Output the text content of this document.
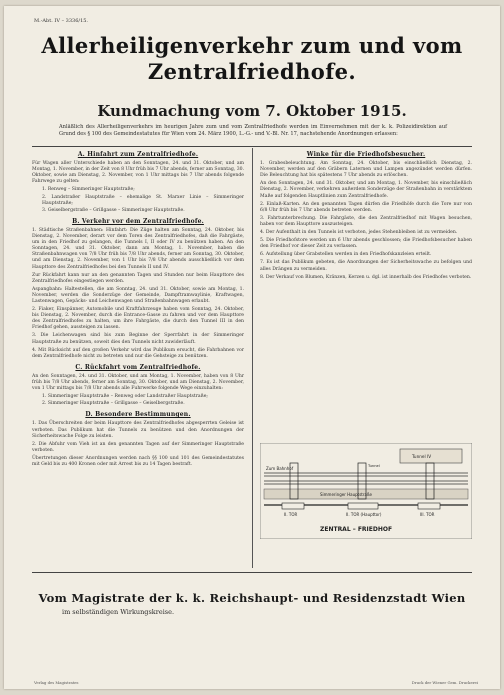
M.-Abt. IV – 3336/15.
Allerheiligenverkehr zum und vom
Zentralfriedhofe.
Kundmachung vom 7. Oktober 1915.
Anläßlich des Allerheiligenverkehrs im heurigen Jahre zum und vom Zentralfriedhofe werden im Einvernehmen mit der k. k. Polizeidirektion auf Grund des § 100 des Gemeindestatutes für Wien vom 24. März 1900, L.-G.- und V.-Bl. Nr. 17, nachstehende Anordnungen erlassen:
A. Hinfahrt zum Zentralfriedhofe.

Für Wagen aller Unterschiede haben an den Sonntagen, 24. und 31. Oktober, und am Montag, 1. November, in der Zeit von 8 Uhr früh bis 7 Uhr abends, ferner am Sonntag, 30. Oktober, sowie am Dienstag, 2. November, von 1 Uhr mittags bis 7 Uhr abends folgende Fahrwege zu gelten:

1. Renweg – Simmeringer Hauptstraße;

2. Landstraßer Hauptstraße – ehemalige St. Marxer Linie – Simmeringer Hauptstraße;

3. Geiselbergstraße – Grillgasse – Simmeringer Hauptstraße.

B. Verkehr vor dem Zentralfriedhofe.

1. Städtische Straßenbahnen: Hinfahrt: Die Züge halten am Sonntag, 24. Oktober, bis Dienstag, 2. November, derart vor dem Toren des Zentralfriedhofes, daß die Fahrgäste, um in den Friedhof zu gelangen, die Tunnels I, II oder IV zu benützen haben. An den Sonntagen, 24. und 31. Oktober, dann am Montag, 1. November, haben die Straßenbahnwagen von 7/8 Uhr früh bis 7/8 Uhr abends, ferner am Sonntag, 30. Oktober, und am Dienstag, 2. November, von 1 Uhr bis 7/8 Uhr abends ausschließlich vor dem Haupttore des Zentralfriedhofes bei den Tunnels II und IV.

Zur Rückfahrt kann nur an den genannten Tagen und Stunden nur beim Haupttore des Zentralfriedhofes eingestiegen werden.

Aspangbahn: Haltestellen, die am Sonntag, 24. und 31. Oktober, sowie am Montag, 1. November, werden die Sonderzüge der Gemeinde, Dampftramwaylinie, Kraftwagen, Lastenwagen, Gepäcks- und Leichenwagen und Straßenbahnwagen erlaubt.

2. Fiaker, Einspänner, Automobile und Kraftfahrzeuge haben vom Sonntag, 24. Oktober, bis Dienstag, 2. November, durch die Entrance-Gasse zu fahren und vor dem Haupttore des Zentralfriedhofes zu halten, um ihre Fahrgäste, die durch den Tunnel III in den Friedhof gehen, aussteigen zu lassen.

3. Die Leichenwagen sind bis zum Beginne der Sperrfahrt in der Simmeringer Hauptstraße zu benützen, soweit dies den Tunnels nicht zuwiderläuft.

4. Mit Rücksicht auf den großen Verkehr wird das Publikum ersucht, die Fahrbahnen vor dem Zentralfriedhofe nicht zu betreten und nur die Gehsteige zu benützen.

C. Rückfahrt vom Zentralfriedhofe.

An den Sonntagen, 24. und 31. Oktober, und am Montag, 1. November, haben von 8 Uhr früh bis 7/8 Uhr abends, ferner am Sonntag, 30. Oktober, und am Dienstag, 2. November, von 1 Uhr mittags bis 7/8 Uhr abends alle Fuhrwerke folgende Wege einzuhalten:

1. Simmeringer Hauptstraße – Renweg oder Landstraßer Hauptstraße;

2. Simmeringer Hauptstraße – Grillgasse – Geiselbergstraße.

D. Besondere Bestimmungen.

1. Das Überschreiten der beim Haupttore des Zentralfriedhofes abgesperrten Geleise ist verboten. Das Publikum hat die Tunnels zu benützen und den Anordnungen der Sicherheitswache Folge zu leisten.

2. Die Abfuhr vom Vieh ist an den genannten Tagen auf der Simmeringer Hauptstraße verboten.

Übertretungen dieser Anordnungen werden nach §§ 100 und 101 des Gemeindestatutes mit Geld bis zu 400 Kronen oder mit Arrest bis zu 14 Tagen bestraft.

Winke für die Friedhofsbesucher.

1. Grabesbeleuchtung. Am Sonntag, 24. Oktober, bis einschließlich Dienstag, 2. November, werden auf den Gräbern Laternen und Lampen angezündet werden dürfen. Die Beleuchtung hat bis spätestens 7 Uhr abends zu erlöschen.

An den Sonntagen, 24. und 31. Oktober, und am Montag, 1. November, bis einschließlich Dienstag, 2. November, verkehren außerdem Sonderzüge der Straßenbahn in verstärktem Maße auf folgenden Hauptlinien zum Zentralfriedhofe.

2. Einlaß-Karten. An den genannten Tagen dürfen die Friedhöfe durch die Tore nur von 6/8 Uhr früh bis 7 Uhr abends betreten werden.

3. Fahrtunterbrechung. Die Fahrgäste, die den Zentralfriedhof mit Wagen besuchen, haben vor dem Haupttore auszusteigen.

4. Der Aufenthalt in den Tunnels ist verboten, jedes Stehenbleiben ist zu vermeiden.

5. Die Friedhofstore werden um 6 Uhr abends geschlossen; die Friedhofsbesucher haben den Friedhof vor dieser Zeit zu verlassen.

6. Aufstellung über Grabstellen werden in den Friedhofskanzleien erteilt.

7. Es ist das Publikum gebeten, die Anordnungen der Sicherheitswache zu befolgen und alles Drängen zu vermeiden.

8. Der Verkauf von Blumen, Kränzen, Kerzen u. dgl. ist innerhalb des Friedhofes verboten.

Zum Bahnhof
Simmeringer Hauptstraße
Tunnel IV
Tunnel
II. TOR	II. TOR (Haupttor)	III. TOR
ZENTRAL – FRIEDHOF
Vom Magistrate der k. k. Reichshaupt- und Residenzstadt Wien
im selbständigen Wirkungskreise.
Verlag des Magistrates	Druck der Wiener Gem. Druckerei
